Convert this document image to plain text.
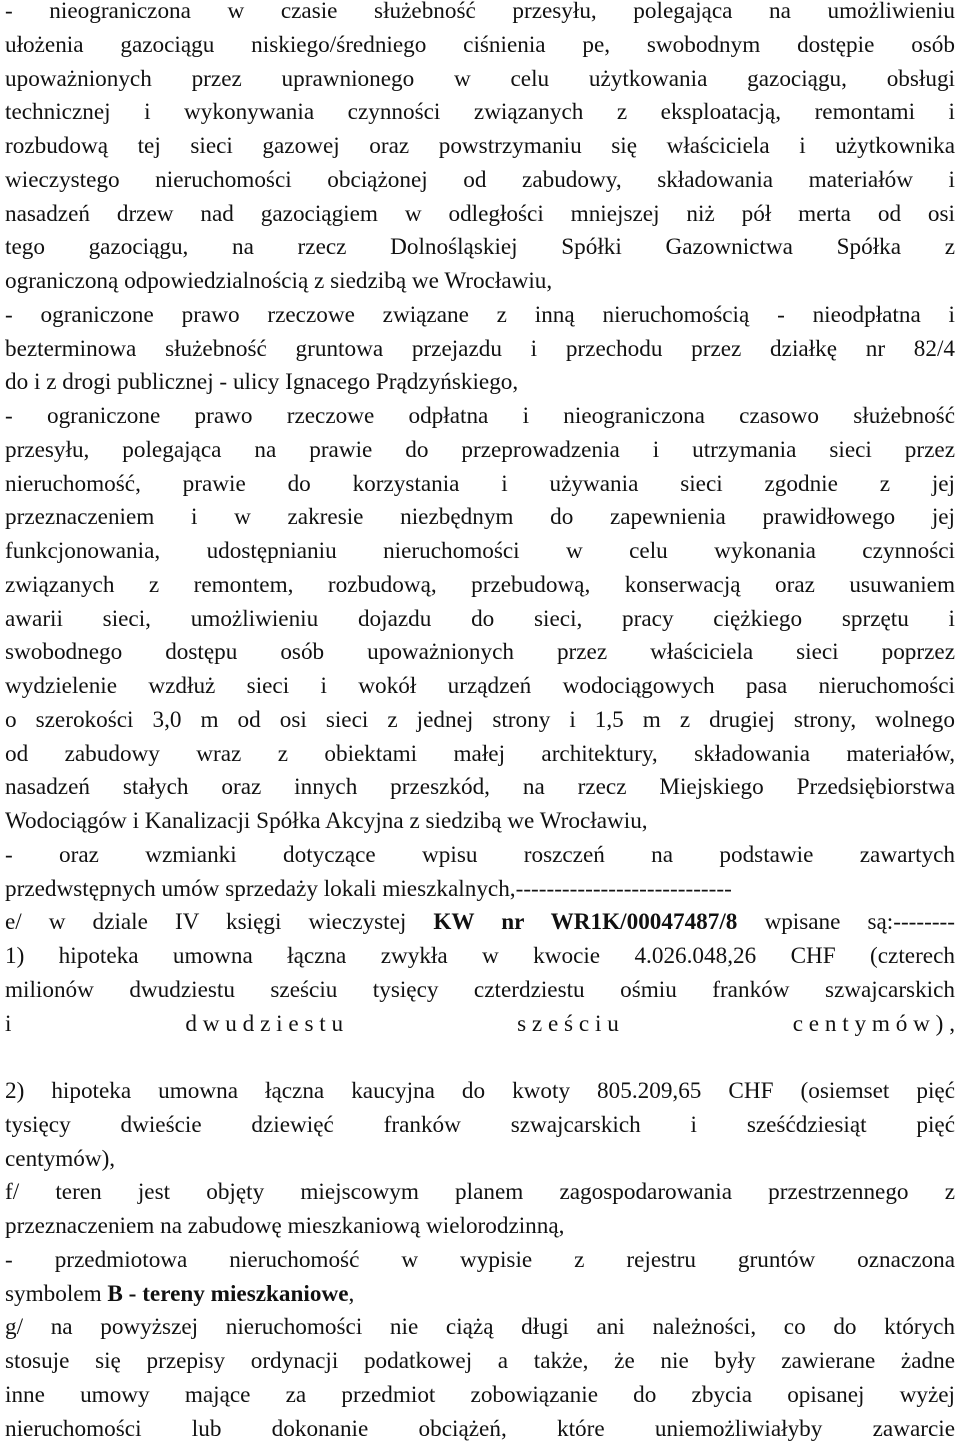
- nieograniczona w czasie służebność przesyłu, polegająca na umożliwieniu
ułożenia gazociągu niskiego/średniego ciśnienia pe, swobodnym dostępie osób
upoważnionych przez uprawnionego w celu użytkowania gazociągu, obsługi
technicznej i wykonywania czynności związanych z eksploatacją, remontami i
rozbudową tej sieci gazowej oraz powstrzymaniu się właściciela i użytkownika
wieczystego nieruchomości obciążonej od zabudowy, składowania materiałów i
nasadzeń drzew nad gazociągiem w odległości mniejszej niż pół merta od osi
tego gazociągu, na rzecz Dolnośląskiej Spółki Gazownictwa Spółka z
ograniczoną odpowiedzialnością z siedzibą we Wrocławiu,
- ograniczone prawo rzeczowe związane z inną nieruchomością - nieodpłatna i
bezterminowa służebność gruntowa przejazdu i przechodu przez działkę nr 82/4
do i z drogi publicznej - ulicy Ignacego Prądzyńskiego,
- ograniczone prawo rzeczowe odpłatna i nieograniczona czasowo służebność
przesyłu, polegająca na prawie do przeprowadzenia i utrzymania sieci przez
nieruchomość, prawie do korzystania i używania sieci zgodnie z jej
przeznaczeniem i w zakresie niezbędnym do zapewnienia prawidłowego jej
funkcjonowania, udostępnianiu nieruchomości w celu wykonania czynności
związanych z remontem, rozbudową, przebudową, konserwacją oraz usuwaniem
awarii sieci, umożliwieniu dojazdu do sieci, pracy ciężkiego sprzętu i
swobodnego dostępu osób upoważnionych przez właściciela sieci poprzez
wydzielenie wzdłuż sieci i wokół urządzeń wodociągowych pasa nieruchomości
o szerokości 3,0 m od osi sieci z jednej strony i 1,5 m z drugiej strony, wolnego
od zabudowy wraz z obiektami małej architektury, składowania materiałów,
nasadzeń stałych oraz innych przeszkód, na rzecz Miejskiego Przedsiębiorstwa
Wodociągów i Kanalizacji Spółka Akcyjna z siedzibą we Wrocławiu,
- oraz wzmianki dotyczące wpisu roszczeń na podstawie zawartych
przedwstępnych umów sprzedaży lokali mieszkalnych,----------------------------
e/ w dziale IV księgi wieczystej KW nr WR1K/00047487/8 wpisane są:--------
1) hipoteka umowna łączna zwykła w kwocie 4.026.048,26 CHF (czterech
milionów dwudziestu sześciu tysięcy czterdziestu ośmiu franków szwajcarskich
i	d w u d z i e s t u	s z e ś c i u	c e n t y m ó w ) ,
2) hipoteka umowna łączna kaucyjna do kwoty 805.209,65 CHF (osiemset pięć
tysięcy dwieście dziewięć franków szwajcarskich i sześćdziesiąt pięć
centymów),
f/ teren jest objęty miejscowym planem zagospodarowania przestrzennego z
przeznaczeniem na zabudowę mieszkaniową wielorodzinną,
- przedmiotowa nieruchomość w wypisie z rejestru gruntów oznaczona
symbolem B - tereny mieszkaniowe,
g/ na powyższej nieruchomości nie ciążą długi ani należności, co do których
stosuje się przepisy ordynacji podatkowej a także, że nie były zawierane żadne
inne umowy mające za przedmiot zobowiązanie do zbycia opisanej wyżej
nieruchomości lub dokonanie obciążeń, które uniemożliwiałyby zawarcie
